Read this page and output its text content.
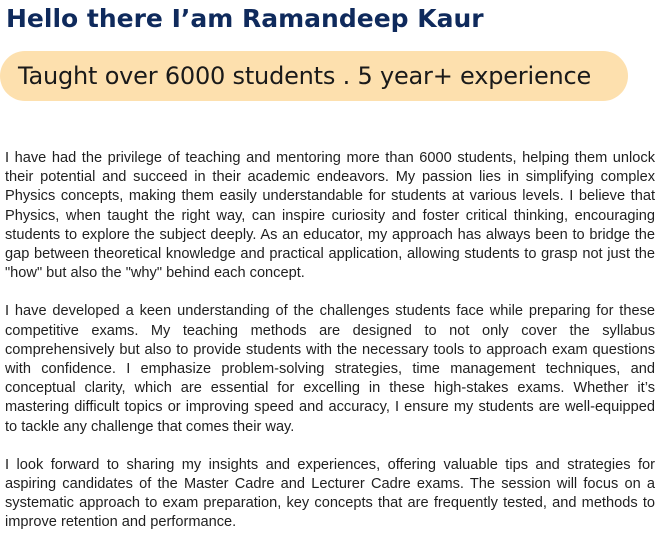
Hello there I’am Ramandeep Kaur
Taught over 6000 students . 5 year+ experience

I have had the privilege of teaching and mentoring more than 6000 students, helping them unlock their potential and succeed in their academic endeavors. My passion lies in simplifying complex Physics concepts, making them easily understandable for students at various levels. I believe that Physics, when taught the right way, can inspire curiosity and foster critical thinking, encouraging students to explore the subject deeply. As an educator, my approach has always been to bridge the gap between theoretical knowledge and practical application, allowing students to grasp not just the "how" but also the "why" behind each concept.

I have developed a keen understanding of the challenges students face while preparing for these competitive exams. My teaching methods are designed to not only cover the syllabus comprehensively but also to provide students with the necessary tools to approach exam questions with confidence. I emphasize problem-solving strategies, time management techniques, and conceptual clarity, which are essential for excelling in these high-stakes exams. Whether it’s mastering difficult topics or improving speed and accuracy, I ensure my students are well-equipped to tackle any challenge that comes their way.

I look forward to sharing my insights and experiences, offering valuable tips and strategies for aspiring candidates of the Master Cadre and Lecturer Cadre exams. The session will focus on a systematic approach to exam preparation, key concepts that are frequently tested, and methods to improve retention and performance.
